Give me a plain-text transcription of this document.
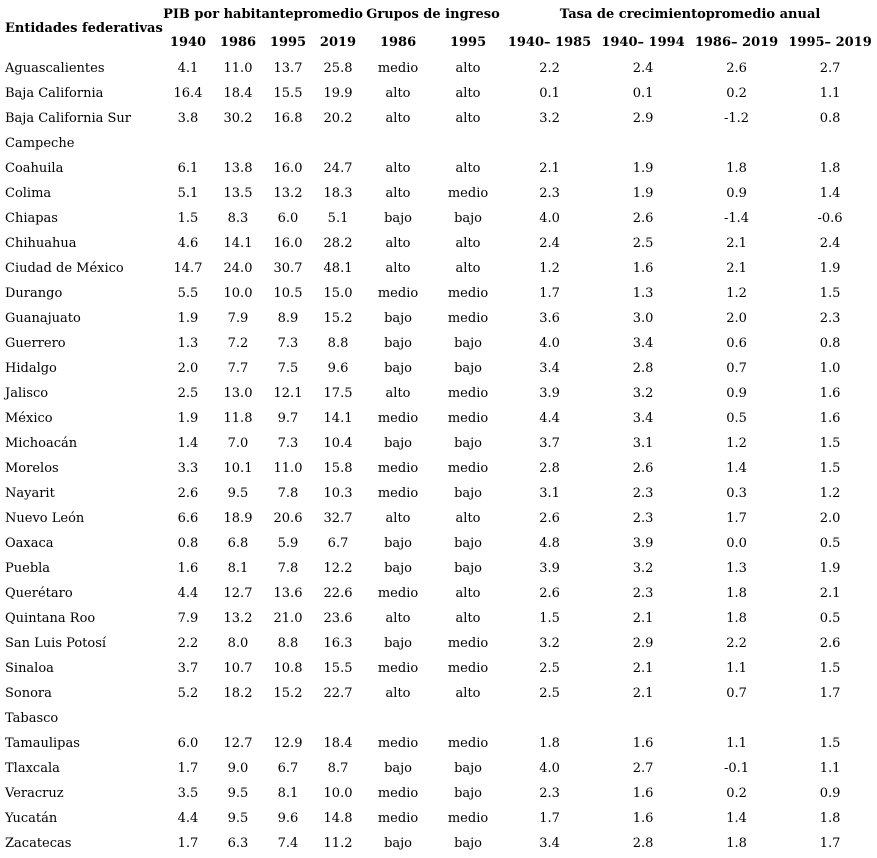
Entidades federativas	PIB por habitantepromedio				Grupos de ingreso		Tasa de crecimientopromedio anual			
	1940	1986	1995	2019	1986	1995	1940– 1985	1940– 1994	1986– 2019	1995– 2019
Aguascalientes	4.1	11.0	13.7	25.8	medio	alto	2.2	2.4	2.6	2.7
Baja California	16.4	18.4	15.5	19.9	alto	alto	0.1	0.1	0.2	1.1
Baja California Sur	3.8	30.2	16.8	20.2	alto	alto	3.2	2.9	-1.2	0.8
Campeche										
Coahuila	6.1	13.8	16.0	24.7	alto	alto	2.1	1.9	1.8	1.8
Colima	5.1	13.5	13.2	18.3	alto	medio	2.3	1.9	0.9	1.4
Chiapas	1.5	8.3	6.0	5.1	bajo	bajo	4.0	2.6	-1.4	-0.6
Chihuahua	4.6	14.1	16.0	28.2	alto	alto	2.4	2.5	2.1	2.4
Ciudad de México	14.7	24.0	30.7	48.1	alto	alto	1.2	1.6	2.1	1.9
Durango	5.5	10.0	10.5	15.0	medio	medio	1.7	1.3	1.2	1.5
Guanajuato	1.9	7.9	8.9	15.2	bajo	medio	3.6	3.0	2.0	2.3
Guerrero	1.3	7.2	7.3	8.8	bajo	bajo	4.0	3.4	0.6	0.8
Hidalgo	2.0	7.7	7.5	9.6	bajo	bajo	3.4	2.8	0.7	1.0
Jalisco	2.5	13.0	12.1	17.5	alto	medio	3.9	3.2	0.9	1.6
México	1.9	11.8	9.7	14.1	medio	medio	4.4	3.4	0.5	1.6
Michoacán	1.4	7.0	7.3	10.4	bajo	bajo	3.7	3.1	1.2	1.5
Morelos	3.3	10.1	11.0	15.8	medio	medio	2.8	2.6	1.4	1.5
Nayarit	2.6	9.5	7.8	10.3	medio	bajo	3.1	2.3	0.3	1.2
Nuevo León	6.6	18.9	20.6	32.7	alto	alto	2.6	2.3	1.7	2.0
Oaxaca	0.8	6.8	5.9	6.7	bajo	bajo	4.8	3.9	0.0	0.5
Puebla	1.6	8.1	7.8	12.2	bajo	bajo	3.9	3.2	1.3	1.9
Querétaro	4.4	12.7	13.6	22.6	medio	alto	2.6	2.3	1.8	2.1
Quintana Roo	7.9	13.2	21.0	23.6	alto	alto	1.5	2.1	1.8	0.5
San Luis Potosí	2.2	8.0	8.8	16.3	bajo	medio	3.2	2.9	2.2	2.6
Sinaloa	3.7	10.7	10.8	15.5	medio	medio	2.5	2.1	1.1	1.5
Sonora	5.2	18.2	15.2	22.7	alto	alto	2.5	2.1	0.7	1.7
Tabasco										
Tamaulipas	6.0	12.7	12.9	18.4	medio	medio	1.8	1.6	1.1	1.5
Tlaxcala	1.7	9.0	6.7	8.7	bajo	bajo	4.0	2.7	-0.1	1.1
Veracruz	3.5	9.5	8.1	10.0	medio	bajo	2.3	1.6	0.2	0.9
Yucatán	4.4	9.5	9.6	14.8	medio	medio	1.7	1.6	1.4	1.8
Zacatecas	1.7	6.3	7.4	11.2	bajo	bajo	3.4	2.8	1.8	1.7
